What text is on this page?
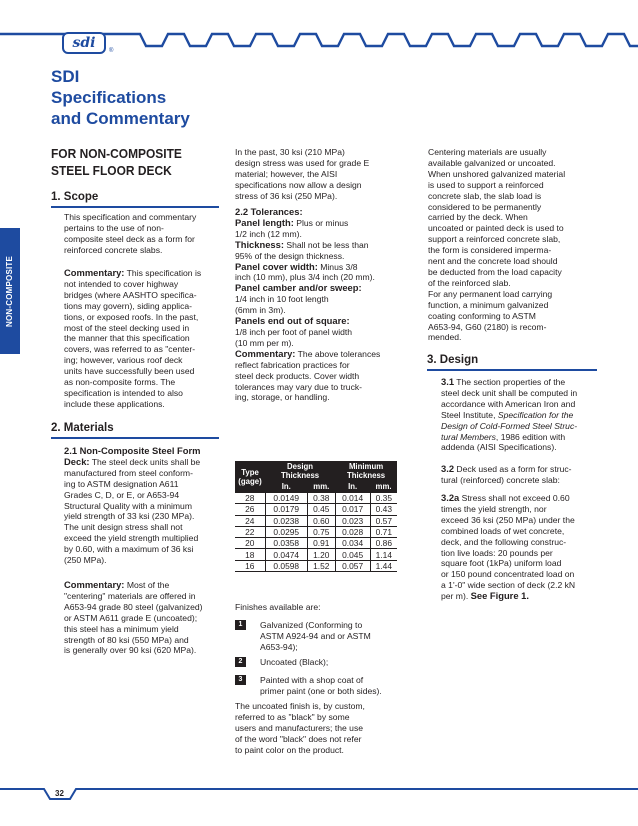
sdi ®
SDI
Specifications
and Commentary
FOR NON-COMPOSITE
STEEL FLOOR DECK
NON-COMPOSITE
1. Scope
This specification and commentary
pertains to the use of non-
composite steel deck as a form for
reinforced concrete slabs.
Commentary: This specification is
not intended to cover highway
bridges (where AASHTO specifica-
tions may govern), siding applica-
tions, or exposed roofs. In the past,
most of the steel decking used in
the manner that this specification
covers, was referred to as "center-
ing; however, various roof deck
units have successfully been used
as non-composite forms. The
specification is intended to also
include these applications.
2. Materials
2.1 Non-Composite Steel Form
Deck: The steel deck units shall be
manufactured from steel conform-
ing to ASTM designation A611
Grades C, D, or E, or A653-94
Structural Quality with a minimum
yield strength of 33 ksi (230 MPa).
The unit design stress shall not
exceed the yield strength multiplied
by 0.60, with a maximum of 36 ksi
(250 MPa).
Commentary: Most of the
"centering" materials are offered in
A653-94 grade 80 steel (galvanized)
or ASTM A611 grade E (uncoated);
this steel has a minimum yield
strength of 80 ksi (550 MPa) and
is generally over 90 ksi (620 MPa).
In the past, 30 ksi (210 MPa)
design stress was used for grade E
material; however, the AISI
specifications now allow a design
stress of 36 ksi (250 MPa).
2.2 Tolerances:
Panel length: Plus or minus
1/2 inch (12 mm).
Thickness: Shall not be less than
95% of the design thickness.
Panel cover width: Minus 3/8
inch (10 mm), plus 3/4 inch (20 mm).
Panel camber and/or sweep:
1/4 inch in 10 foot length
(6mm in 3m).
Panels end out of square:
1/8 inch per foot of panel width
(10 mm per m).
Commentary: The above tolerances
reflect fabrication practices for
steel deck products. Cover width
tolerances may vary due to truck-
ing, storage, or handling.
Type
(gage)	Design
Thickness		Minimum
Thickness	
	In.	mm.	In.	mm.
28	0.0149	0.38	0.014	0.35
26	0.0179	0.45	0.017	0.43
24	0.0238	0.60	0.023	0.57
22	0.0295	0.75	0.028	0.71
20	0.0358	0.91	0.034	0.86
18	0.0474	1.20	0.045	1.14
16	0.0598	1.52	0.057	1.44
Finishes available are:
1	Galvanized (Conforming to
ASTM A924-94 and or ASTM
A653-94);
2	Uncoated (Black);
3	Painted with a shop coat of
primer paint (one or both sides).
The uncoated finish is, by custom,
referred to as "black" by some
users and manufacturers; the use
of the word "black" does not refer
to paint color on the product.
Centering materials are usually
available galvanized or uncoated.
When unshored galvanized material
is used to support a reinforced
concrete slab, the slab load is
considered to be permanently
carried by the deck. When
uncoated or painted deck is used to
support a reinforced concrete slab,
the form is considered imperma-
nent and the concrete load should
be deducted from the load capacity
of the reinforced slab.
For any permanent load carrying
function, a minimum galvanized
coating conforming to ASTM
A653-94, G60 (2180) is recom-
mended.
3. Design
3.1 The section properties of the
steel deck unit shall be computed in
accordance with American Iron and
Steel Institute, Specification for the
Design of Cold-Formed Steel Struc-
tural Members, 1986 edition with
addenda (AISI Specifications).
3.2 Deck used as a form for struc-
tural (reinforced) concrete slab:
3.2a Stress shall not exceed 0.60
times the yield strength, nor
exceed 36 ksi (250 MPa) under the
combined loads of wet concrete,
deck, and the following construc-
tion live loads: 20 pounds per
square foot (1kPa) uniform load
or 150 pound concentrated load on
a 1'-0" wide section of deck (2.2 kN
per m). See Figure 1.
32
